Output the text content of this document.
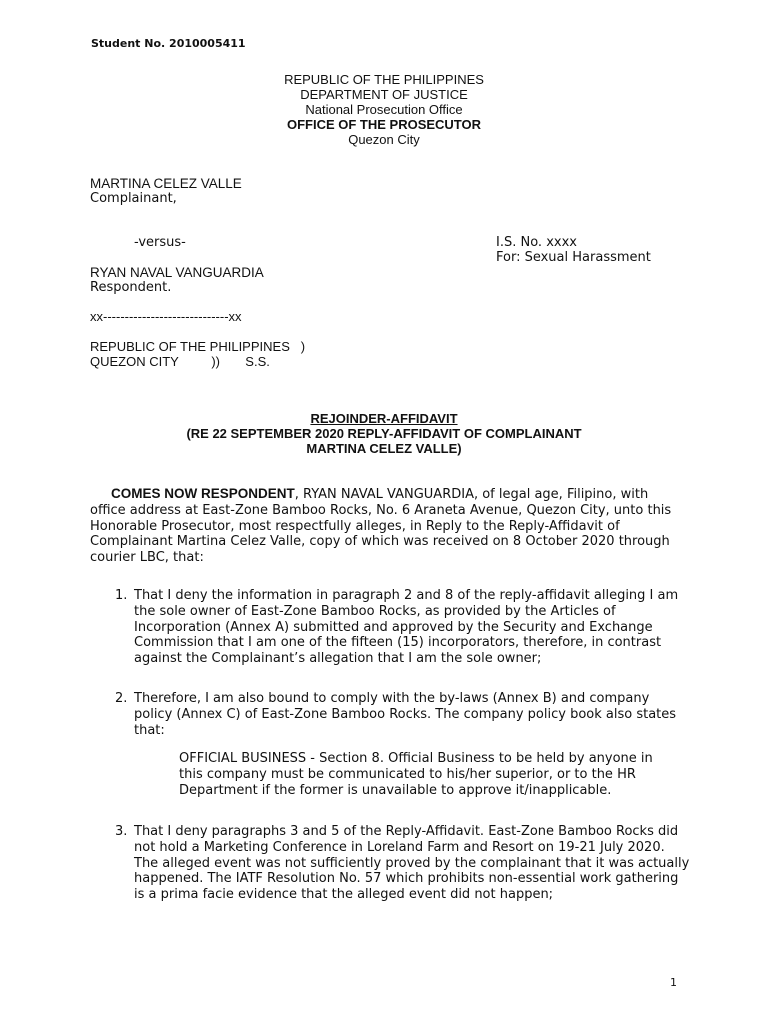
Student No. 2010005411
REPUBLIC OF THE PHILIPPINES
DEPARTMENT OF JUSTICE
National Prosecution Office
OFFICE OF THE PROSECUTOR
Quezon City
MARTINA CELEZ VALLE
Complainant,
-versus-	I.S. No. xxxx
For: Sexual Harassment
RYAN NAVAL VANGUARDIA
Respondent.
xx-----------------------------xx
REPUBLIC OF THE PHILIPPINES   )
QUEZON CITY         ))       S.S.
REJOINDER-AFFIDAVIT
(RE 22 SEPTEMBER 2020 REPLY-AFFIDAVIT OF COMPLAINANT
MARTINA CELEZ VALLE)
COMES NOW RESPONDENT, RYAN NAVAL VANGUARDIA, of legal age, Filipino, with office address at East-Zone Bamboo Rocks, No. 6 Araneta Avenue, Quezon City, unto this Honorable Prosecutor, most respectfully alleges, in Reply to the Reply-Affidavit of Complainant Martina Celez Valle, copy of which was received on 8 October 2020 through courier LBC, that:
1. That I deny the information in paragraph 2 and 8 of the reply-affidavit alleging I am the sole owner of East-Zone Bamboo Rocks, as provided by the Articles of Incorporation (Annex A) submitted and approved by the Security and Exchange Commission that I am one of the fifteen (15) incorporators, therefore, in contrast against the Complainant’s allegation that I am the sole owner;
2. Therefore, I am also bound to comply with the by-laws (Annex B) and company policy (Annex C) of East-Zone Bamboo Rocks. The company policy book also states that:
OFFICIAL BUSINESS - Section 8. Official Business to be held by anyone in this company must be communicated to his/her superior, or to the HR Department if the former is unavailable to approve it/inapplicable.
3. That I deny paragraphs 3 and 5 of the Reply-Affidavit. East-Zone Bamboo Rocks did not hold a Marketing Conference in Loreland Farm and Resort on 19-21 July 2020. The alleged event was not sufficiently proved by the complainant that it was actually happened. The IATF Resolution No. 57 which prohibits non-essential work gathering is a prima facie evidence that the alleged event did not happen;
1
